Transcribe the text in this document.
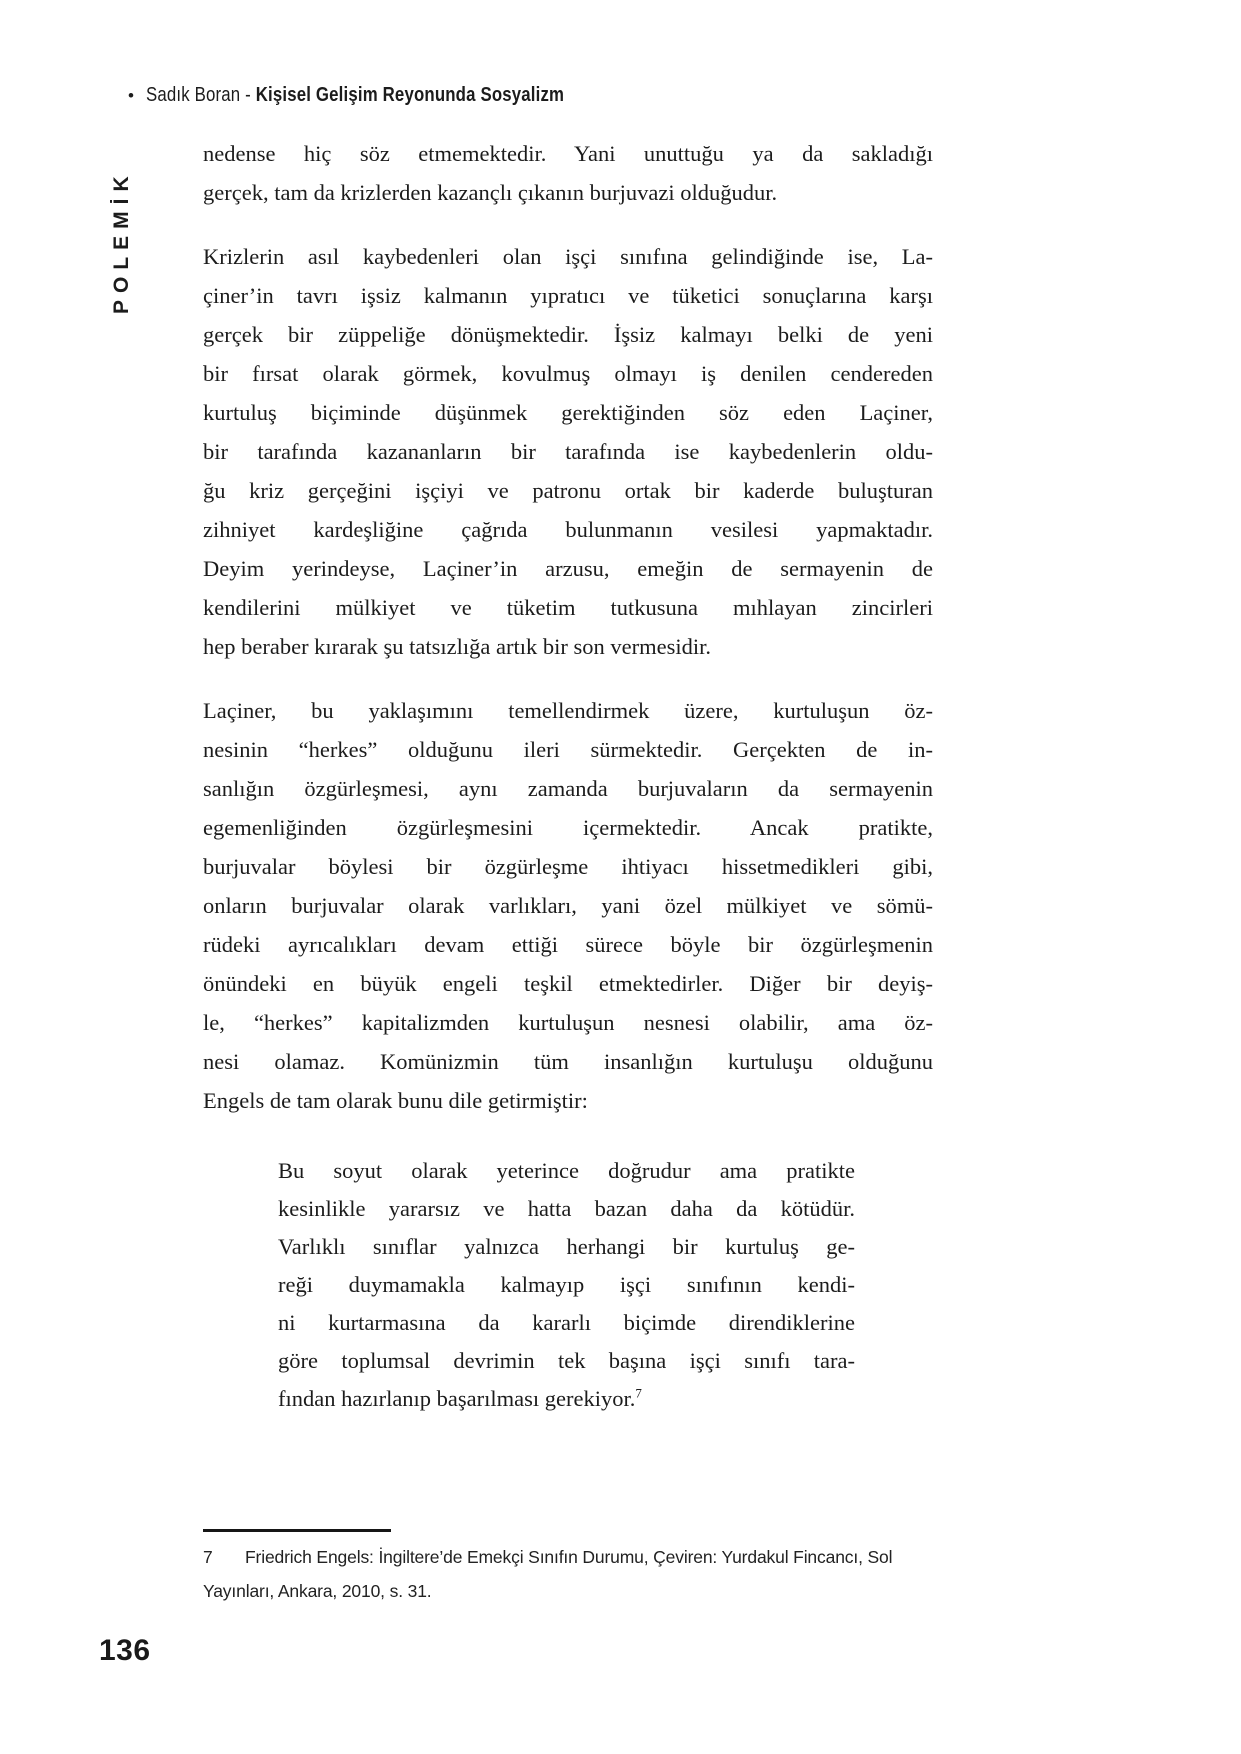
• Sadık Boran - Kişisel Gelişim Reyonunda Sosyalizm
POLEMİK
nedense hiç söz etmemektedir. Yani unuttuğu ya da sakladığı
gerçek, tam da krizlerden kazançlı çıkanın burjuvazi olduğudur.
Krizlerin asıl kaybedenleri olan işçi sınıfına gelindiğinde ise, La-
çiner’in tavrı işsiz kalmanın yıpratıcı ve tüketici sonuçlarına karşı
gerçek bir züppeliğe dönüşmektedir. İşsiz kalmayı belki de yeni
bir fırsat olarak görmek, kovulmuş olmayı iş denilen cendereden
kurtuluş biçiminde düşünmek gerektiğinden söz eden Laçiner,
bir tarafında kazananların bir tarafında ise kaybedenlerin oldu-
ğu kriz gerçeğini işçiyi ve patronu ortak bir kaderde buluşturan
zihniyet kardeşliğine çağrıda bulunmanın vesilesi yapmaktadır.
Deyim yerindeyse, Laçiner’in arzusu, emeğin de sermayenin de
kendilerini mülkiyet ve tüketim tutkusuna mıhlayan zincirleri
hep beraber kırarak şu tatsızlığa artık bir son vermesidir.
Laçiner, bu yaklaşımını temellendirmek üzere, kurtuluşun öz-
nesinin “herkes” olduğunu ileri sürmektedir. Gerçekten de in-
sanlığın özgürleşmesi, aynı zamanda burjuvaların da sermayenin
egemenliğinden özgürleşmesini içermektedir. Ancak pratikte,
burjuvalar böylesi bir özgürleşme ihtiyacı hissetmedikleri gibi,
onların burjuvalar olarak varlıkları, yani özel mülkiyet ve sömü-
rüdeki ayrıcalıkları devam ettiği sürece böyle bir özgürleşmenin
önündeki en büyük engeli teşkil etmektedirler. Diğer bir deyiş-
le, “herkes” kapitalizmden kurtuluşun nesnesi olabilir, ama öz-
nesi olamaz. Komünizmin tüm insanlığın kurtuluşu olduğunu
Engels de tam olarak bunu dile getirmiştir:
Bu soyut olarak yeterince doğrudur ama pratikte
kesinlikle yararsız ve hatta bazan daha da kötüdür.
Varlıklı sınıflar yalnızca herhangi bir kurtuluş ge-
reği duymamakla kalmayıp işçi sınıfının kendi-
ni kurtarmasına da kararlı biçimde direndiklerine
göre toplumsal devrimin tek başına işçi sınıfı tara-
fından hazırlanıp başarılması gerekiyor.$^7$
7 Friedrich Engels: İngiltere’de Emekçi Sınıfın Durumu, Çeviren: Yurdakul Fincancı, Sol
Yayınları, Ankara, 2010, s. 31.
136
